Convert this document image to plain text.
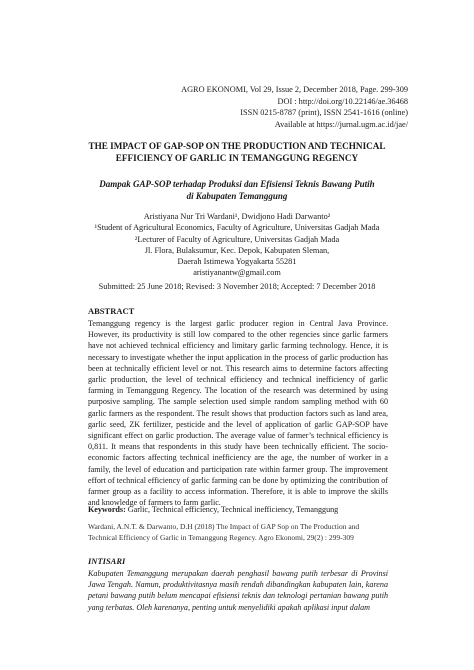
AGRO EKONOMI, Vol 29, Issue 2, December 2018, Page. 299-309
DOI : http://doi.org/10.22146/ae.36468
ISSN 0215-8787 (print), ISSN 2541-1616 (online)
Available at https://jurnal.ugm.ac.id/jae/
THE IMPACT OF GAP-SOP ON THE PRODUCTION AND TECHNICAL
EFFICIENCY OF GARLIC IN TEMANGGUNG REGENCY
Dampak GAP-SOP terhadap Produksi dan Efisiensi Teknis Bawang Putih
di Kabupaten Temanggung
Aristiyana Nur Tri Wardani¹, Dwidjono Hadi Darwanto²
¹Student of Agricultural Economics, Faculty of Agriculture, Universitas Gadjah Mada
²Lecturer of Faculty of Agriculture, Universitas Gadjah Mada
Jl. Flora, Bulaksumur, Kec. Depok, Kabupaten Sleman,
Daerah Istimewa Yogyakarta 55281
aristiyanantw@gmail.com
Submitted: 25 June 2018; Revised: 3 November 2018; Accepted: 7 December 2018
ABSTRACT
Temanggung regency is the largest garlic producer region in Central Java Province. However, its productivity is still low compared to the other regencies since garlic farmers have not achieved technical efficiency and limitary garlic farming technology. Hence, it is necessary to investigate whether the input application in the process of garlic production has been at technically efficient level or not. This research aims to determine factors affecting garlic production, the level of technical efficiency and technical inefficiency of garlic farming in Temanggung Regency. The location of the research was determined by using purposive sampling. The sample selection used simple random sampling method with 60 garlic farmers as the respondent. The result shows that production factors such as land area, garlic seed, ZK fertilizer, pesticide and the level of application of garlic GAP-SOP have significant effect on garlic production. The average value of farmer’s technical efficiency is 0,811. It means that respondents in this study have been technically efficient. The socio-economic factors affecting technical inefficiency are the age, the number of worker in a family, the level of education and participation rate within farmer group. The improvement effort of technical efficiency of garlic farming can be done by optimizing the contribution of farmer group as a facility to access information. Therefore, it is able to improve the skills and knowledge of farmers to farm garlic.
Keywords: Garlic, Technical efficiency, Technical inefficiency, Temanggung
Wardani, A.N.T. & Darwanto, D.H (2018) The Impact of GAP Sop on The Production and Technical Efficiency of Garlic in Temanggung Regency. Agro Ekonomi, 29(2) : 299-309
INTISARI
Kabupaten Temanggung merupakan daerah penghasil bawang putih terbesar di Provinsi Jawa Tengah. Namun, produktivitasnya masih rendah dibandingkan kabupaten lain, karena petani bawang putih belum mencapai efisiensi teknis dan teknologi pertanian bawang putih yang terbatas. Oleh karenanya, penting untuk menyelidiki apakah aplikasi input dalam
